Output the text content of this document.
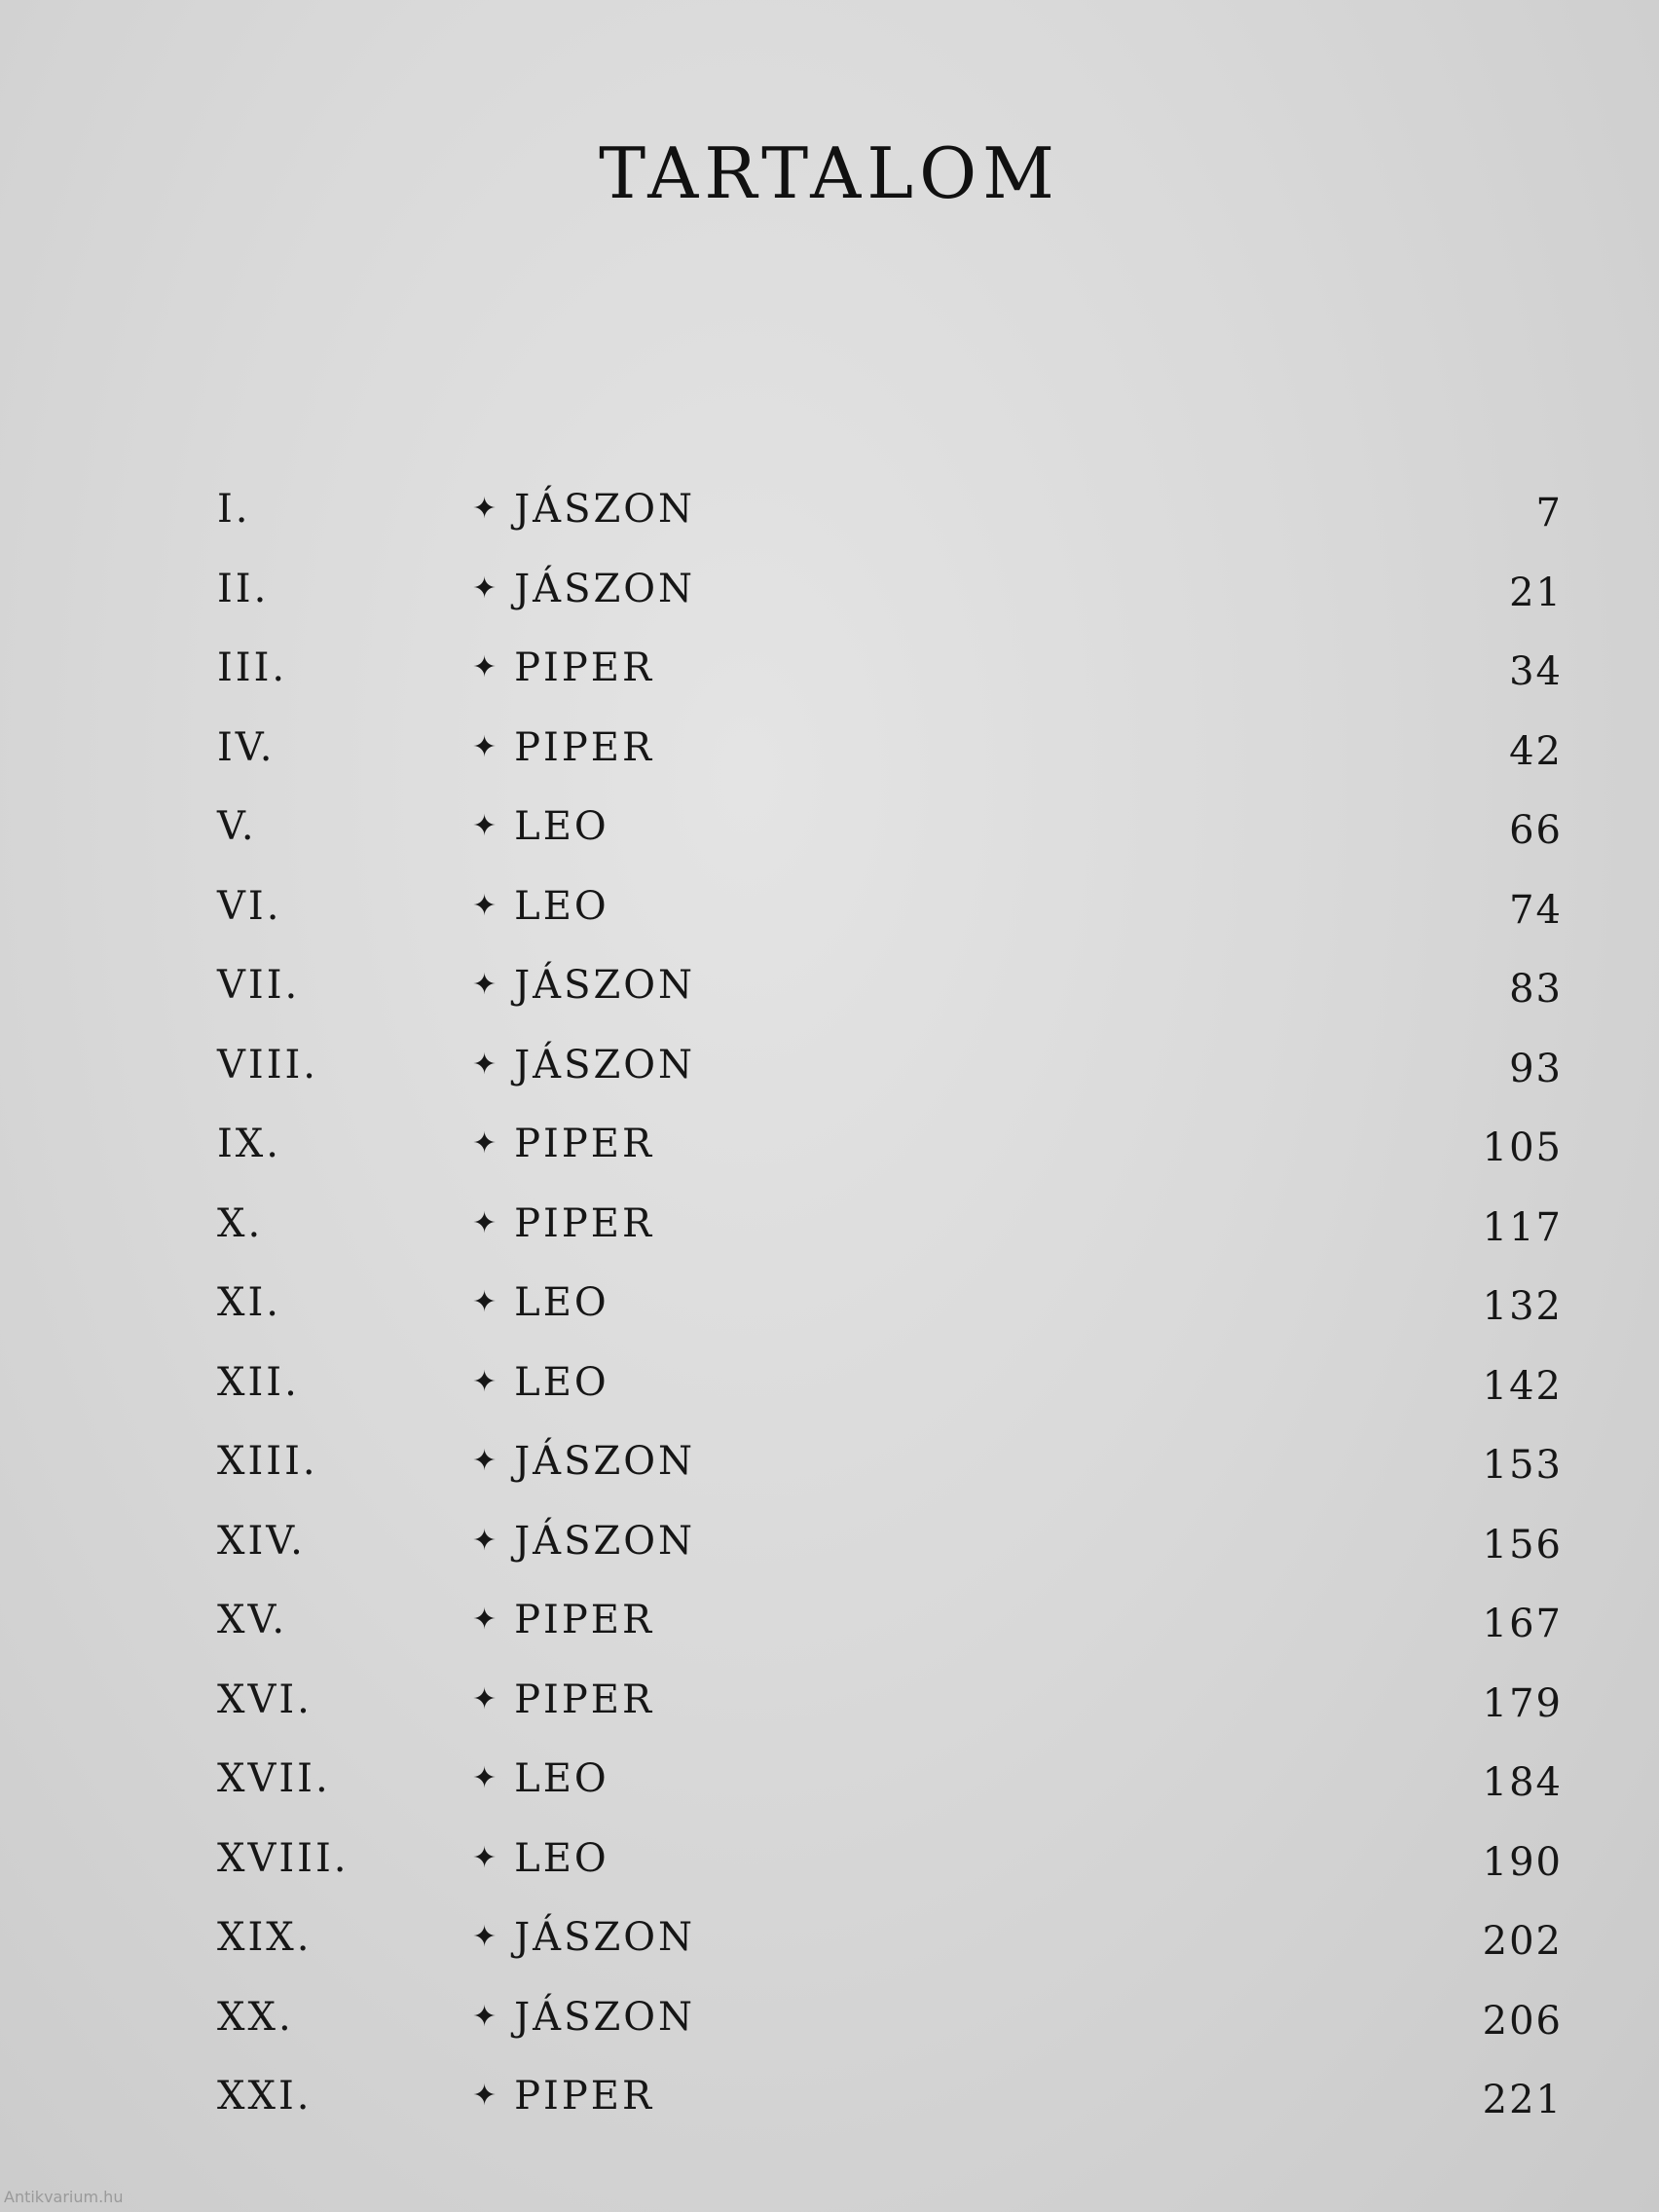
TARTALOM
I.	✦ JÁSZON	7
II.	✦ JÁSZON	21
III.	✦ PIPER	34
IV.	✦ PIPER	42
V.	✦ LEO	66
VI.	✦ LEO	74
VII.	✦ JÁSZON	83
VIII.	✦ JÁSZON	93
IX.	✦ PIPER	105
X.	✦ PIPER	117
XI.	✦ LEO	132
XII.	✦ LEO	142
XIII.	✦ JÁSZON	153
XIV.	✦ JÁSZON	156
XV.	✦ PIPER	167
XVI.	✦ PIPER	179
XVII.	✦ LEO	184
XVIII.	✦ LEO	190
XIX.	✦ JÁSZON	202
XX.	✦ JÁSZON	206
XXI.	✦ PIPER	221
Antikvarium.hu
